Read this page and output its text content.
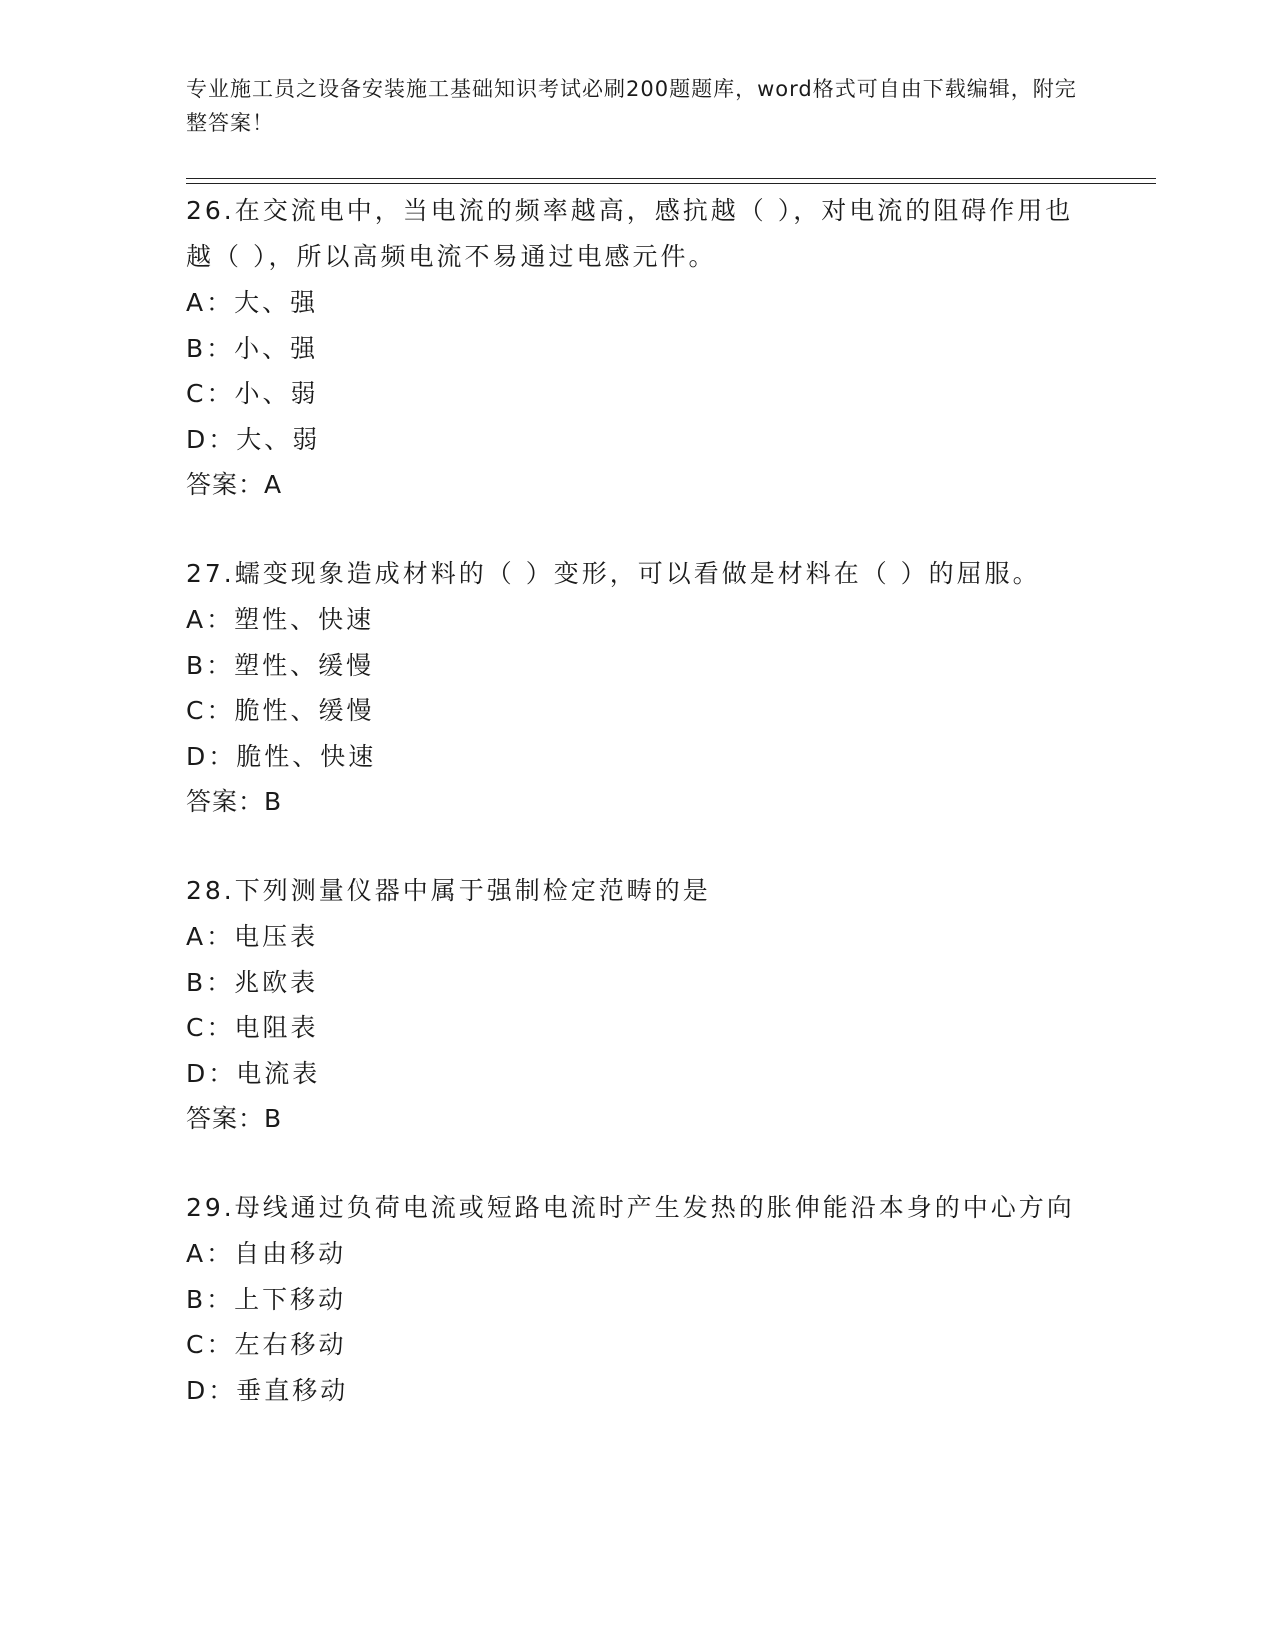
专业施工员之设备安装施工基础知识考试必刷200题题库，word格式可自由下载编辑，附完整答案！

26.在交流电中，当电流的频率越高，感抗越（ ），对电流的阻碍作用也越（ ），所以高频电流不易通过电感元件。

A：大、强

B：小、强

C：小、弱

D：大、弱

答案：A

27.蠕变现象造成材料的（ ）变形，可以看做是材料在（ ）的屈服。

A：塑性、快速

B：塑性、缓慢

C：脆性、缓慢

D：脆性、快速

答案：B

28.下列测量仪器中属于强制检定范畴的是

A：电压表

B：兆欧表

C：电阻表

D：电流表

答案：B

29.母线通过负荷电流或短路电流时产生发热的胀伸能沿本身的中心方向

A：自由移动

B：上下移动

C：左右移动

D：垂直移动
